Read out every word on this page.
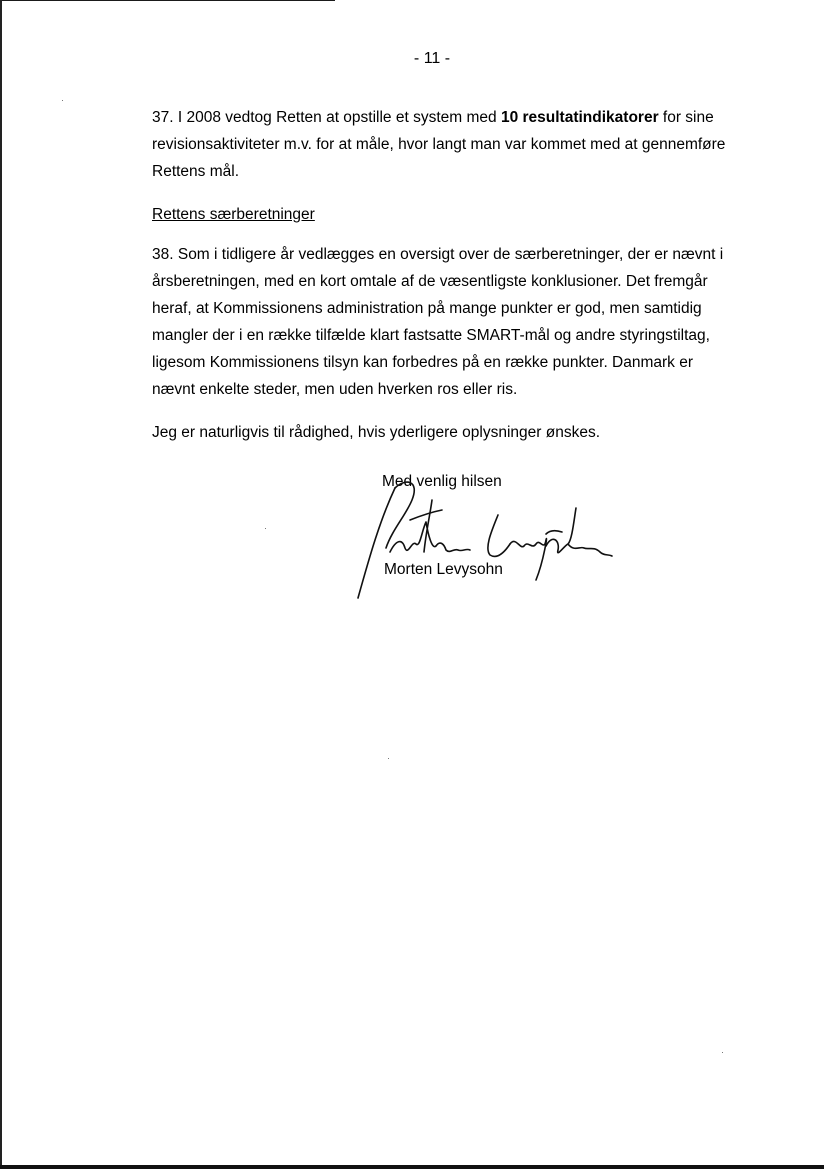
- 11 -

37. I 2008 vedtog Retten at opstille et system med 10 resultatindikatorer for sine revisionsaktiviteter m.v. for at måle, hvor langt man var kommet med at gennemføre Rettens mål.

Rettens særberetninger

38. Som i tidligere år vedlægges en oversigt over de særberetninger, der er nævnt i årsberetningen, med en kort omtale af de væsentligste konklusioner. Det fremgår heraf, at Kommissionens administration på mange punkter er god, men samtidig mangler der i en række tilfælde klart fastsatte SMART-mål og andre styringstiltag, ligesom Kommissionens tilsyn kan forbedres på en række punkter. Danmark er nævnt enkelte steder, men uden hverken ros eller ris.

Jeg er naturligvis til rådighed, hvis yderligere oplysninger ønskes.

Med venlig hilsen
Morten Levysohn
Morten Levysohn
